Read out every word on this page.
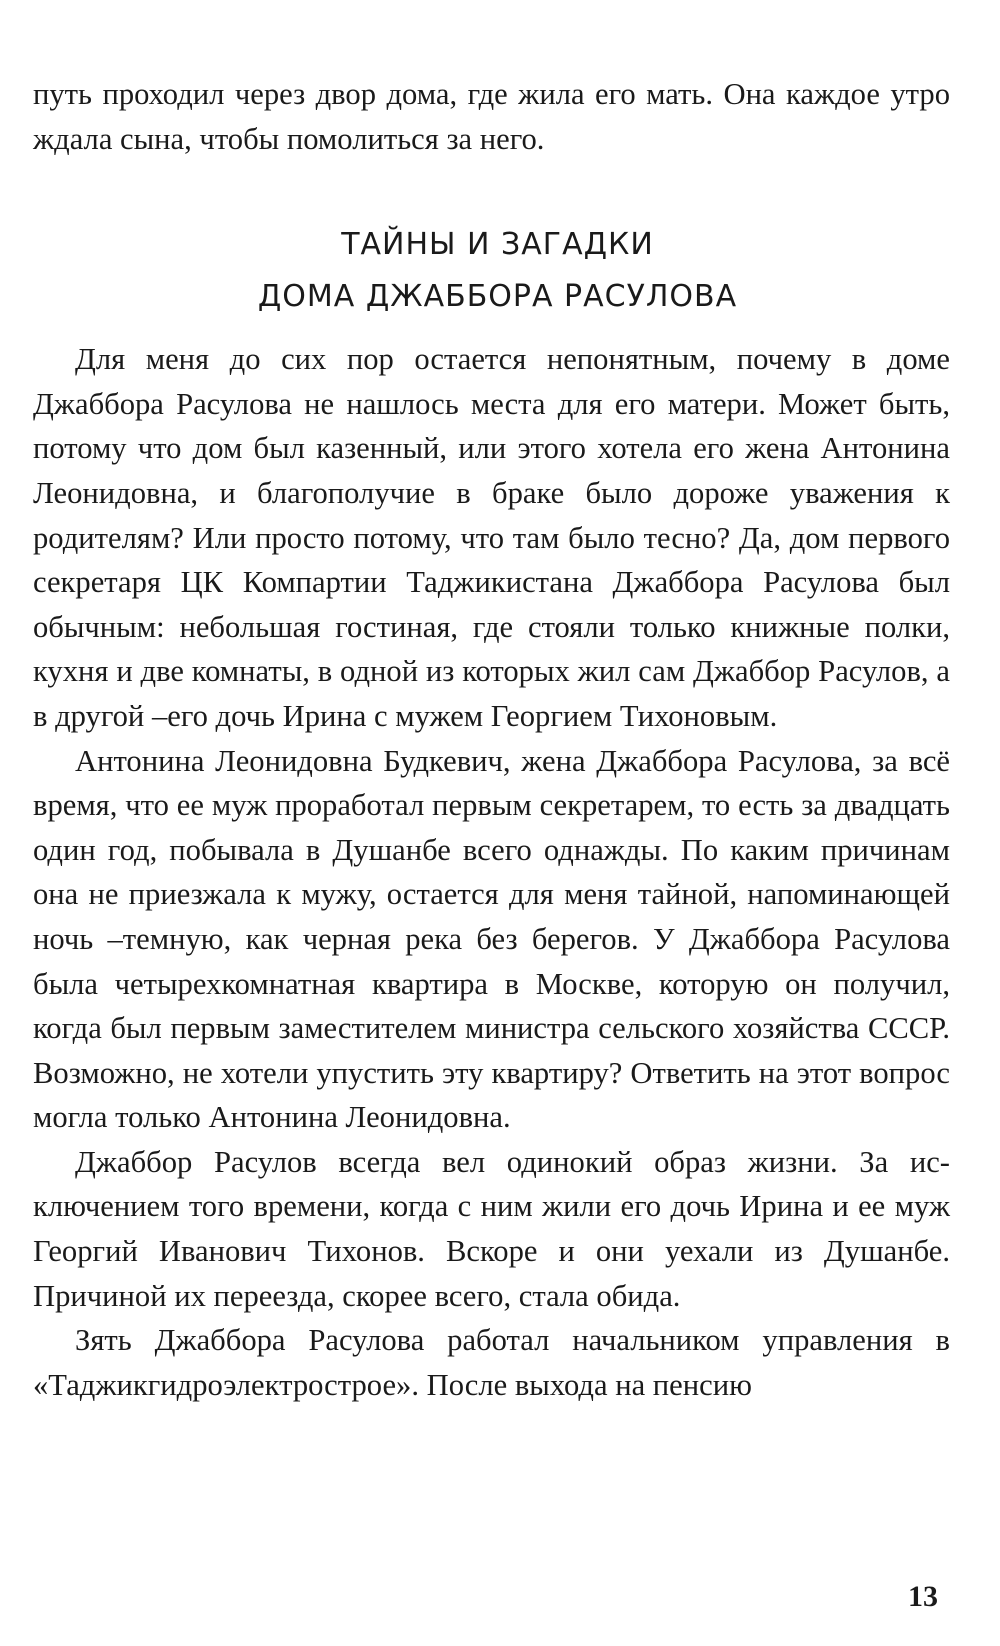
путь проходил через двор дома, где жила его мать. Она каждое утро ждала сына, чтобы помолиться за него.

ТАЙНЫ И ЗАГАДКИ
ДОМА ДЖАББОРА РАСУЛОВА

Для меня до сих пор остается непонятным, почему в доме Джаббора Расулова не нашлось места для его матери. Может быть, потому что дом был казенный, или этого хотела его жена Антонина Леонидовна, и благополучие в браке было дороже уважения к родителям? Или просто потому, что там было тесно? Да, дом первого секретаря ЦК Компартии Таджикистана Джаббора Расулова был обычным: небольшая гостиная, где стояли только книжные полки, кухня и две комнаты, в одной из которых жил сам Джаббор Расулов, а в другой –его дочь Ирина с мужем Георгием Тихоновым.

Антонина Леонидовна Будкевич, жена Джаббора Расулова, за всё время, что ее муж проработал первым секретарем, то есть за двадцать один год, побывала в Душанбе всего однажды. По каким причинам она не приезжала к мужу, остается для меня тайной, напоминающей ночь –темную, как черная река без берегов. У Джаббора Расулова была четырехкомнатная квартира в Москве, которую он получил, когда был первым заместителем министра сельского хозяйства СССР. Возможно, не хотели упустить эту квартиру? Ответить на этот вопрос могла только Антонина Леонидовна.

Джаббор Расулов всегда вел одинокий образ жизни. За исключением того времени, когда с ним жили его дочь Ирина и ее муж Георгий Иванович Тихонов. Вскоре и они уехали из Душанбе. Причиной их переезда, скорее всего, стала обида.

Зять Джаббора Расулова работал начальником управления в «Таджикгидроэлектрострое». После выхода на пенсию

13
